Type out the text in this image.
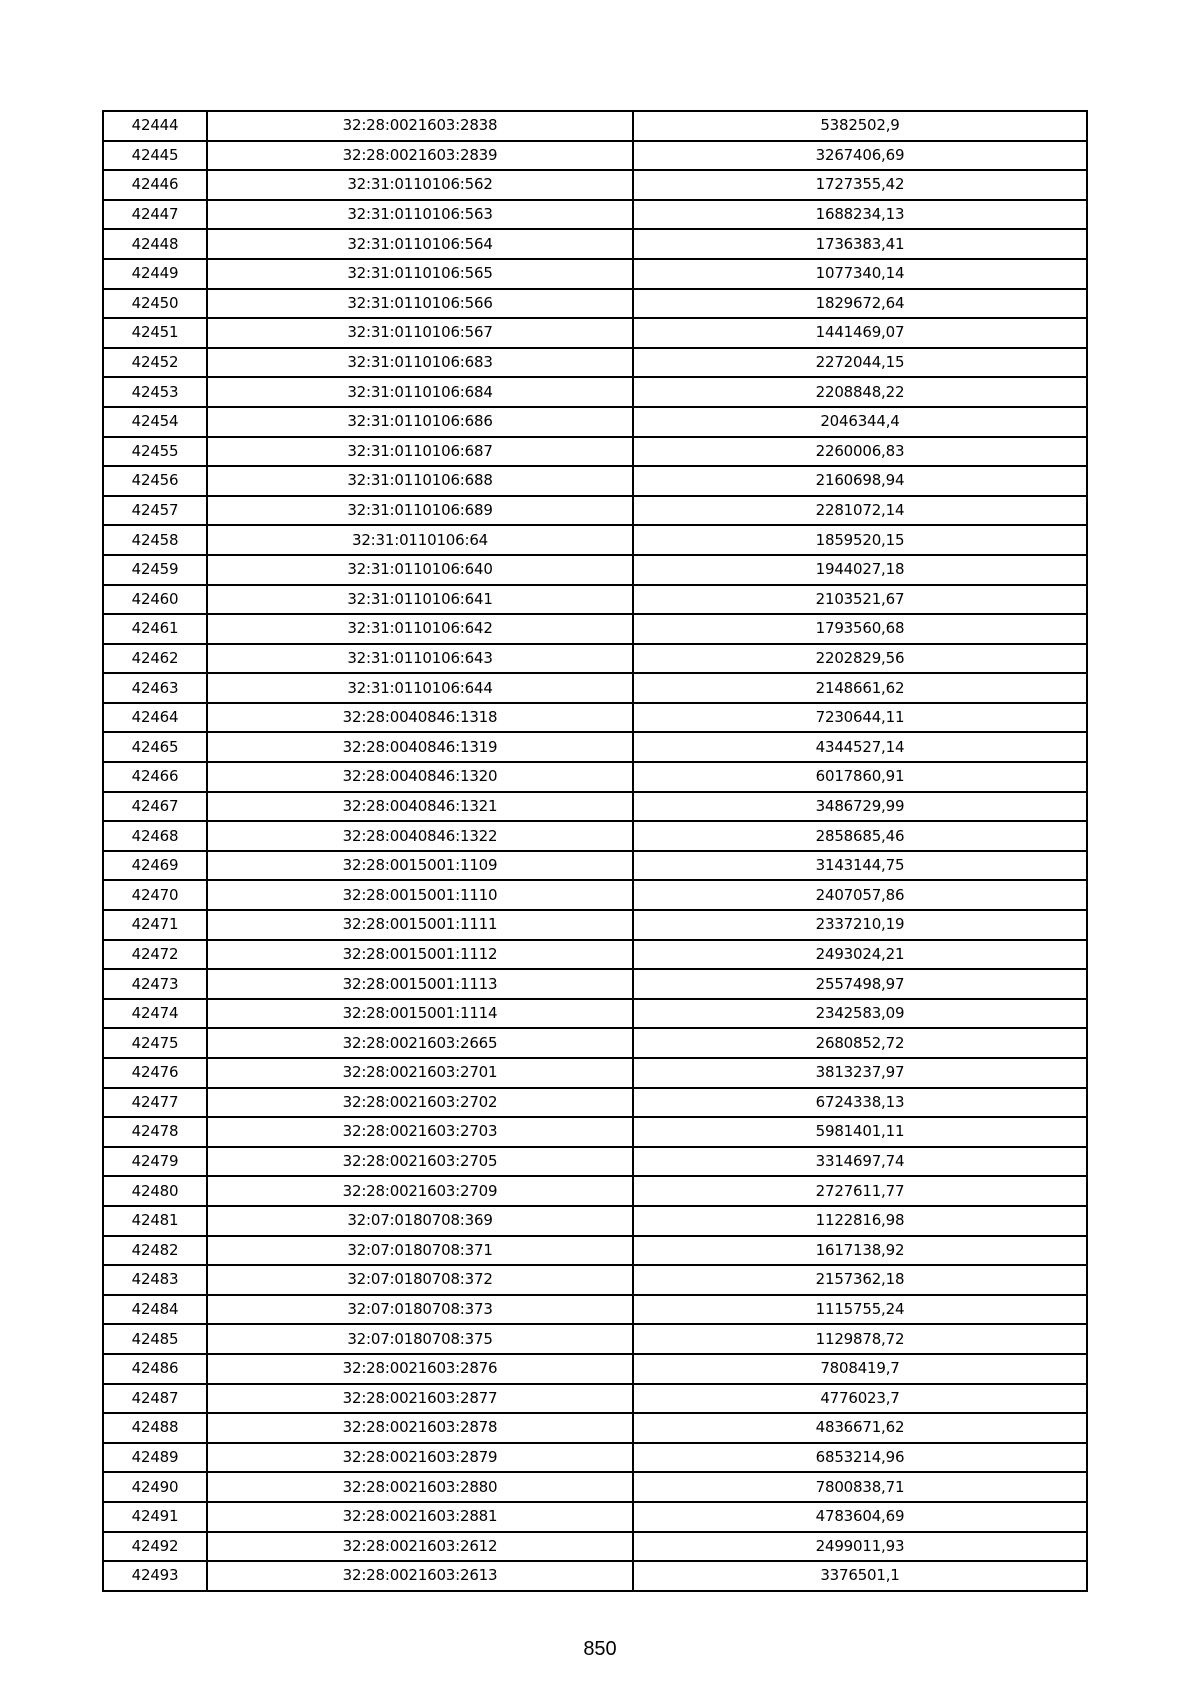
42444	32:28:0021603:2838	5382502,9
42445	32:28:0021603:2839	3267406,69
42446	32:31:0110106:562	1727355,42
42447	32:31:0110106:563	1688234,13
42448	32:31:0110106:564	1736383,41
42449	32:31:0110106:565	1077340,14
42450	32:31:0110106:566	1829672,64
42451	32:31:0110106:567	1441469,07
42452	32:31:0110106:683	2272044,15
42453	32:31:0110106:684	2208848,22
42454	32:31:0110106:686	2046344,4
42455	32:31:0110106:687	2260006,83
42456	32:31:0110106:688	2160698,94
42457	32:31:0110106:689	2281072,14
42458	32:31:0110106:64	1859520,15
42459	32:31:0110106:640	1944027,18
42460	32:31:0110106:641	2103521,67
42461	32:31:0110106:642	1793560,68
42462	32:31:0110106:643	2202829,56
42463	32:31:0110106:644	2148661,62
42464	32:28:0040846:1318	7230644,11
42465	32:28:0040846:1319	4344527,14
42466	32:28:0040846:1320	6017860,91
42467	32:28:0040846:1321	3486729,99
42468	32:28:0040846:1322	2858685,46
42469	32:28:0015001:1109	3143144,75
42470	32:28:0015001:1110	2407057,86
42471	32:28:0015001:1111	2337210,19
42472	32:28:0015001:1112	2493024,21
42473	32:28:0015001:1113	2557498,97
42474	32:28:0015001:1114	2342583,09
42475	32:28:0021603:2665	2680852,72
42476	32:28:0021603:2701	3813237,97
42477	32:28:0021603:2702	6724338,13
42478	32:28:0021603:2703	5981401,11
42479	32:28:0021603:2705	3314697,74
42480	32:28:0021603:2709	2727611,77
42481	32:07:0180708:369	1122816,98
42482	32:07:0180708:371	1617138,92
42483	32:07:0180708:372	2157362,18
42484	32:07:0180708:373	1115755,24
42485	32:07:0180708:375	1129878,72
42486	32:28:0021603:2876	7808419,7
42487	32:28:0021603:2877	4776023,7
42488	32:28:0021603:2878	4836671,62
42489	32:28:0021603:2879	6853214,96
42490	32:28:0021603:2880	7800838,71
42491	32:28:0021603:2881	4783604,69
42492	32:28:0021603:2612	2499011,93
42493	32:28:0021603:2613	3376501,1
850
